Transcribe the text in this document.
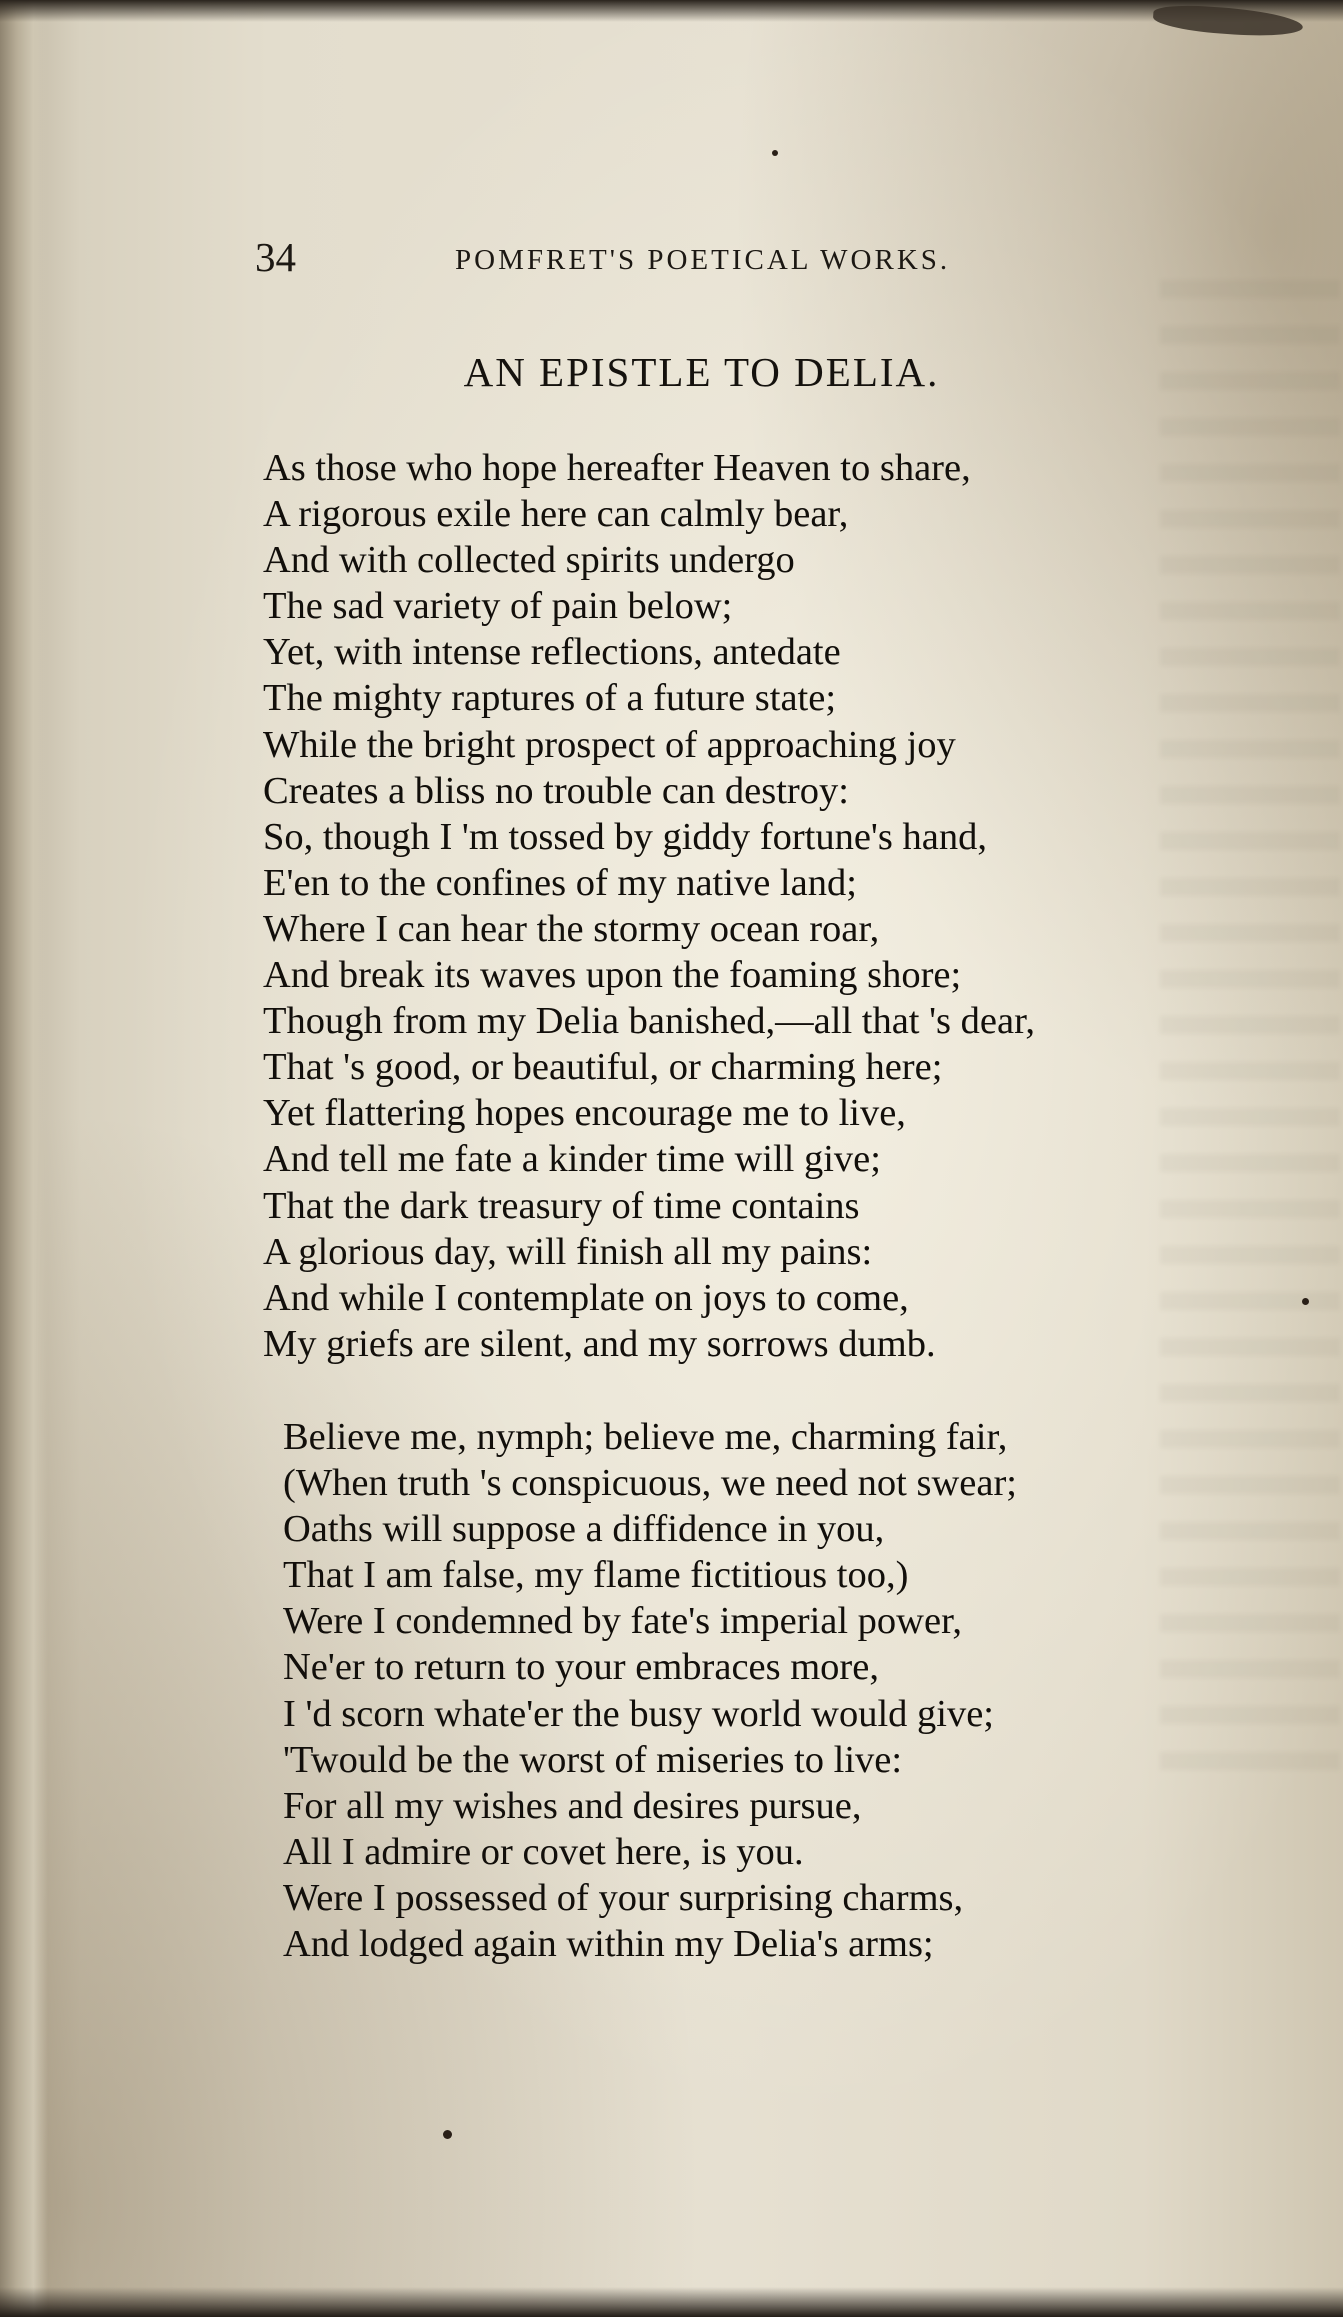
34	POMFRET'S POETICAL WORKS.
AN EPISTLE TO DELIA.
As those who hope hereafter Heaven to share,
A rigorous exile here can calmly bear,
And with collected spirits undergo
The sad variety of pain below;
Yet, with intense reflections, antedate
The mighty raptures of a future state;
While the bright prospect of approaching joy
Creates a bliss no trouble can destroy:
So, though I 'm tossed by giddy fortune's hand,
E'en to the confines of my native land;
Where I can hear the stormy ocean roar,
And break its waves upon the foaming shore;
Though from my Delia banished,—all that 's dear,
That 's good, or beautiful, or charming here;
Yet flattering hopes encourage me to live,
And tell me fate a kinder time will give;
That the dark treasury of time contains
A glorious day, will finish all my pains:
And while I contemplate on joys to come,
My griefs are silent, and my sorrows dumb.
Believe me, nymph; believe me, charming fair,
(When truth 's conspicuous, we need not swear;
Oaths will suppose a diffidence in you,
That I am false, my flame fictitious too,)
Were I condemned by fate's imperial power,
Ne'er to return to your embraces more,
I 'd scorn whate'er the busy world would give;
'Twould be the worst of miseries to live:
For all my wishes and desires pursue,
All I admire or covet here, is you.
Were I possessed of your surprising charms,
And lodged again within my Delia's arms;
